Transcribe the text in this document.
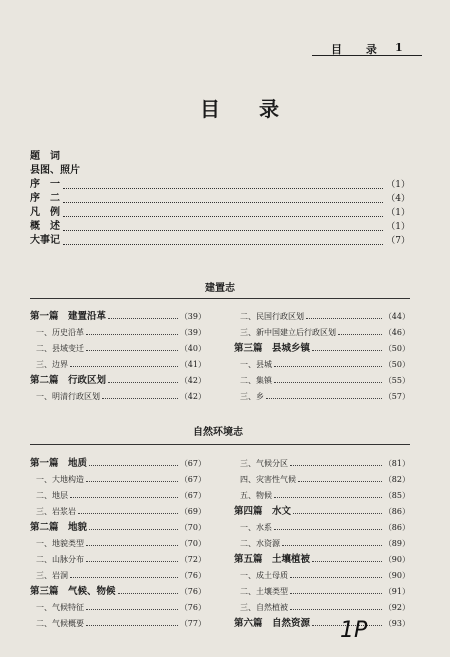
目 录 1
目 录
题　词
县图、照片
序　一	（1）
序　二	（4）
凡　例	（1）
概　述	（1）
大事记	（7）
建置志
第一篇　建置沿革	（39）
一、历史沿革	（39）
二、县域变迁	（40）
三、边界	（41）
第二篇　行政区划	（42）
一、明清行政区划	（42）
二、民国行政区划	（44）
三、新中国建立后行政区划	（46）
第三篇　县城乡镇	（50）
一、县城	（50）
二、集镇	（55）
三、乡	（57）
自然环境志
第一篇　地质	（67）
一、大地构造	（67）
二、地层	（67）
三、岩浆岩	（69）
第二篇　地貌	（70）
一、地貌类型	（70）
二、山脉分布	（72）
三、岩洞	（76）
第三篇　气候、物候	（76）
一、气候特征	（76）
二、气候概要	（77）
三、气候分区	（81）
四、灾害性气候	（82）
五、物候	（85）
第四篇　水文	（86）
一、水系	（86）
二、水资源	（89）
第五篇　土壤植被	（90）
一、成土母质	（90）
二、土壤类型	（91）
三、自然植被	（92）
第六篇　自然资源	（93）
1P
